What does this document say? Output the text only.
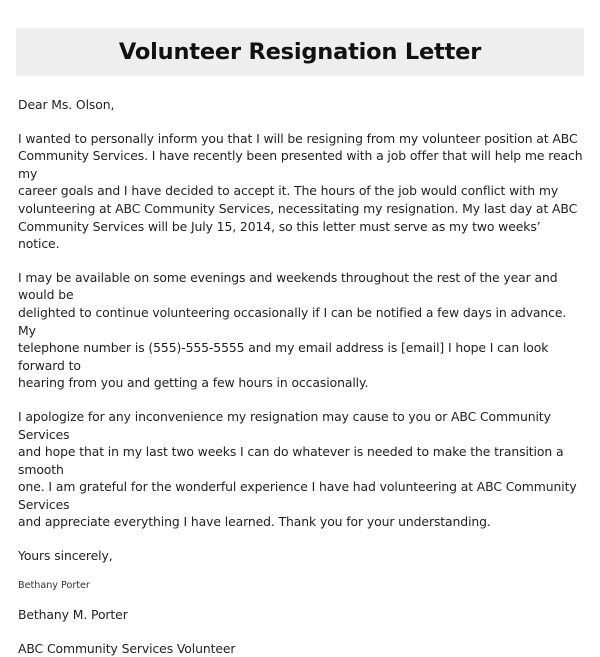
Volunteer Resignation Letter
Dear Ms. Olson,
I wanted to personally inform you that I will be resigning from my volunteer position at ABC
Community Services. I have recently been presented with a job offer that will help me reach my
career goals and I have decided to accept it. The hours of the job would conflict with my
volunteering at ABC Community Services, necessitating my resignation. My last day at ABC
Community Services will be July 15, 2014, so this letter must serve as my two weeks’ notice.
I may be available on some evenings and weekends throughout the rest of the year and would be
delighted to continue volunteering occasionally if I can be notified a few days in advance. My
telephone number is (555)-555-5555 and my email address is [email] I hope I can look forward to
hearing from you and getting a few hours in occasionally.
I apologize for any inconvenience my resignation may cause to you or ABC Community Services
and hope that in my last two weeks I can do whatever is needed to make the transition a smooth
one. I am grateful for the wonderful experience I have had volunteering at ABC Community Services
and appreciate everything I have learned. Thank you for your understanding.
Yours sincerely,
Bethany Porter
Bethany M. Porter
ABC Community Services Volunteer
